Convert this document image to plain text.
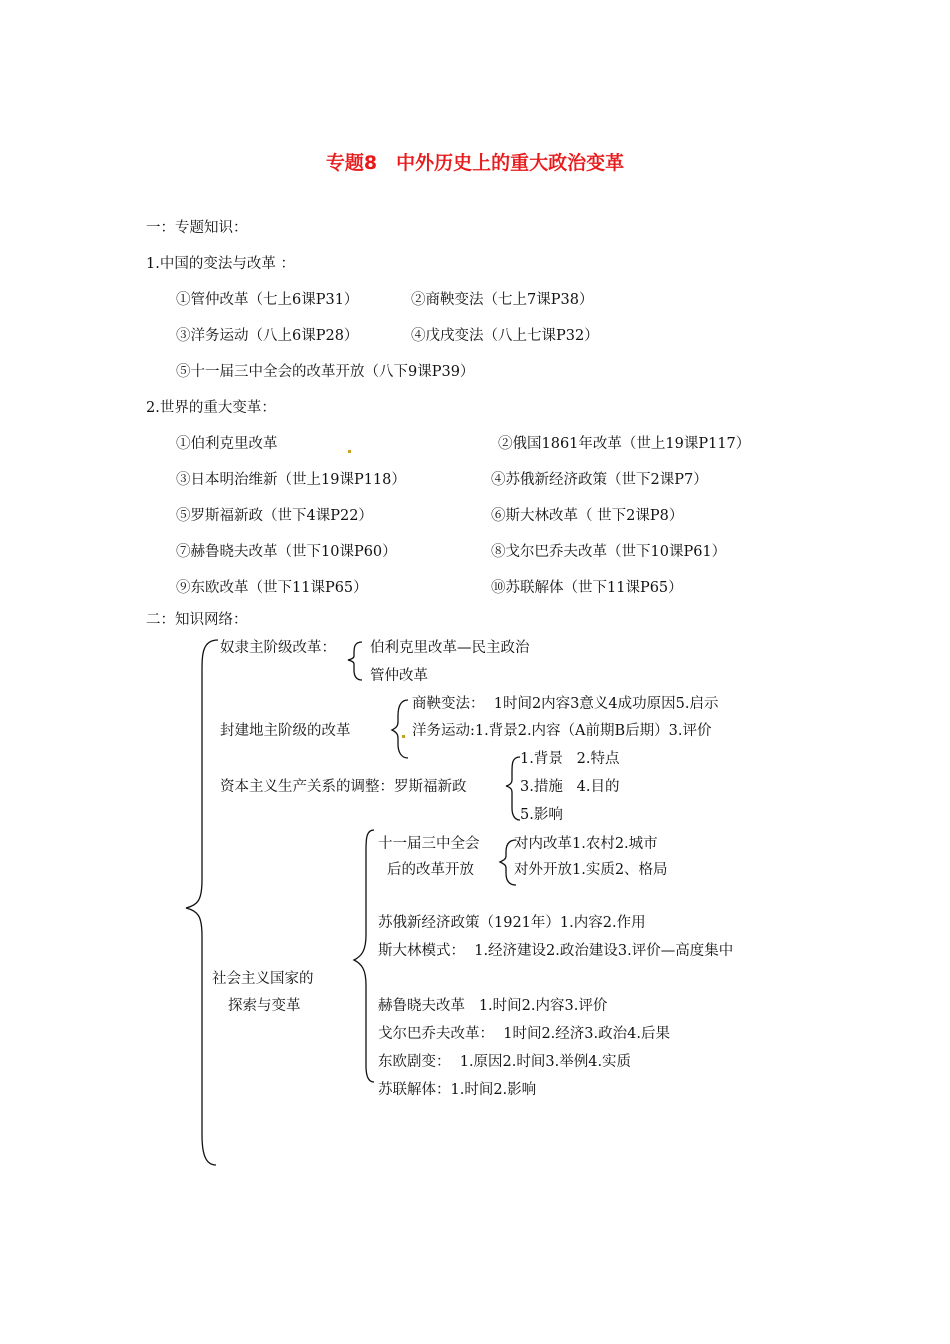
专题8　中外历史上的重大政治变革
一：专题知识：
1.中国的变法与改革 ：
①管仲改革（七上6课P31）	②商鞅变法（七上7课P38）
③洋务运动（八上6课P28）	④戊戌变法（八上七课P32）
⑤十一届三中全会的改革开放（八下9课P39）
2.世界的重大变革：
①伯利克里改革	②俄国1861年改革（世上19课P117）
③日本明治维新（世上19课P118）	④苏俄新经济政策（世下2课P7）
⑤罗斯福新政（世下4课P22）	⑥斯大林改革（ 世下2课P8）
⑦赫鲁晓夫改革（世下10课P60）	⑧戈尔巴乔夫改革（世下10课P61）
⑨东欧改革（世下11课P65）	⑩苏联解体（世下11课P65）
二：知识网络：
奴隶主阶级改革： 伯利克里改革—民主政治
管仲改革
封建地主阶级的改革
商鞅变法：  1时间2内容3意义4成功原因5.启示
洋务运动:1.背景2.内容（A前期B后期）3.评价
资本主义生产关系的调整：罗斯福新政
1.背景   2.特点
3.措施   4.目的
5.影响
十一届三中全会
后的改革开放
对内改革1.农村2.城市
对外开放1.实质2、格局
苏俄新经济政策（1921年）1.内容2.作用
斯大林模式：  1.经济建设2.政治建设3.评价—高度集中
赫鲁晓夫改革   1.时间2.内容3.评价
戈尔巴乔夫改革：  1时间2.经济3.政治4.后果
东欧剧变：  1.原因2.时间3.举例4.实质
苏联解体：1.时间2.影响
社会主义国家的
探索与变革
